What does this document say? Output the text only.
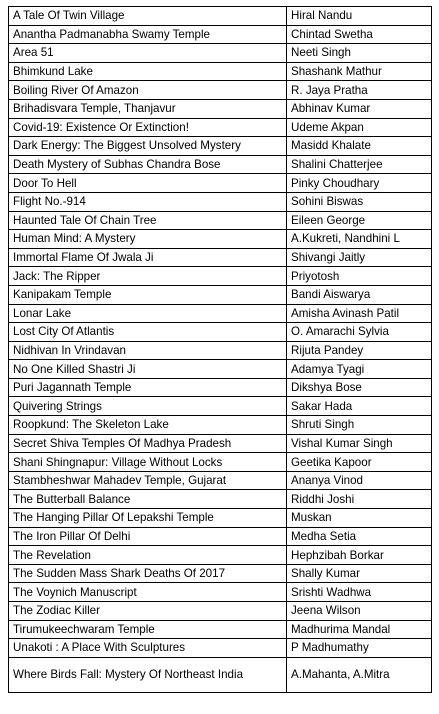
A Tale Of Twin Village	Hiral Nandu
Anantha Padmanabha Swamy Temple	Chintad Swetha
Area 51	Neeti Singh
Bhimkund Lake	Shashank Mathur
Boiling River Of Amazon	R. Jaya Pratha
Brihadisvara Temple, Thanjavur	Abhinav Kumar
Covid-19: Existence Or Extinction!	Udeme Akpan
Dark Energy: The Biggest Unsolved Mystery	Masidd Khalate
Death Mystery of Subhas Chandra Bose	Shalini Chatterjee
Door To Hell	Pinky Choudhary
Flight No.-914	Sohini Biswas
Haunted Tale Of Chain Tree	Eileen George
Human Mind: A Mystery	A.Kukreti, Nandhini L
Immortal Flame Of Jwala Ji	Shivangi Jaitly
Jack: The Ripper	Priyotosh
Kanipakam Temple	Bandi Aiswarya
Lonar Lake	Amisha Avinash Patil
Lost City Of Atlantis	O. Amarachi Sylvia
Nidhivan In Vrindavan	Rijuta Pandey
No One Killed Shastri Ji	Adamya Tyagi
Puri Jagannath Temple	Dikshya Bose
Quivering Strings	Sakar Hada
Roopkund: The Skeleton Lake	Shruti Singh
Secret Shiva Temples Of Madhya Pradesh	Vishal Kumar Singh
Shani Shingnapur: Village Without Locks	Geetika Kapoor
Stambheshwar Mahadev Temple, Gujarat	Ananya Vinod
The Butterball Balance	Riddhi Joshi
The Hanging Pillar Of Lepakshi Temple	Muskan
The Iron Pillar Of Delhi	Medha Setia
The Revelation	Hephzibah Borkar
The Sudden Mass Shark Deaths Of 2017	Shally Kumar
The Voynich Manuscript	Srishti Wadhwa
The Zodiac Killer	Jeena Wilson
Tirumukeechwaram Temple	Madhurima Mandal
Unakoti : A Place With Sculptures	P Madhumathy
Where Birds Fall: Mystery Of Northeast India	A.Mahanta, A.Mitra
